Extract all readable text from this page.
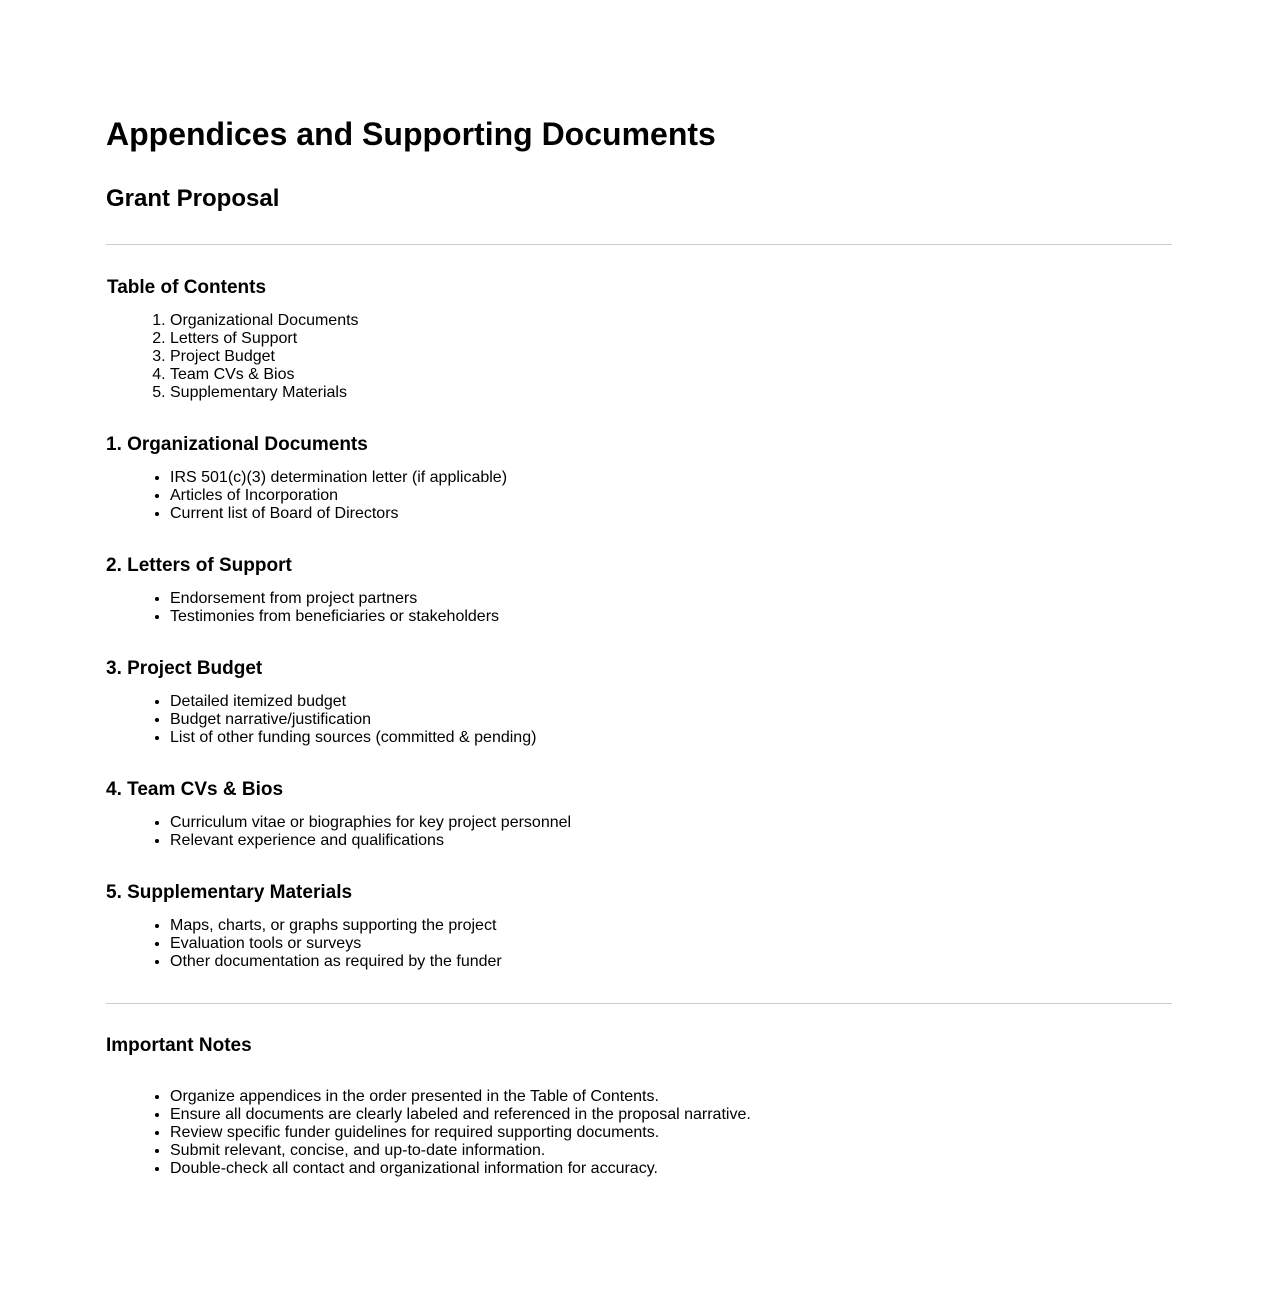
Appendices and Supporting Documents
Grant Proposal
Table of Contents
1. Organizational Documents
2. Letters of Support
3. Project Budget
4. Team CVs & Bios
5. Supplementary Materials
1. Organizational Documents
• IRS 501(c)(3) determination letter (if applicable)
• Articles of Incorporation
• Current list of Board of Directors
2. Letters of Support
• Endorsement from project partners
• Testimonies from beneficiaries or stakeholders
3. Project Budget
• Detailed itemized budget
• Budget narrative/justification
• List of other funding sources (committed & pending)
4. Team CVs & Bios
• Curriculum vitae or biographies for key project personnel
• Relevant experience and qualifications
5. Supplementary Materials
• Maps, charts, or graphs supporting the project
• Evaluation tools or surveys
• Other documentation as required by the funder
Important Notes
• Organize appendices in the order presented in the Table of Contents.
• Ensure all documents are clearly labeled and referenced in the proposal narrative.
• Review specific funder guidelines for required supporting documents.
• Submit relevant, concise, and up-to-date information.
• Double-check all contact and organizational information for accuracy.
